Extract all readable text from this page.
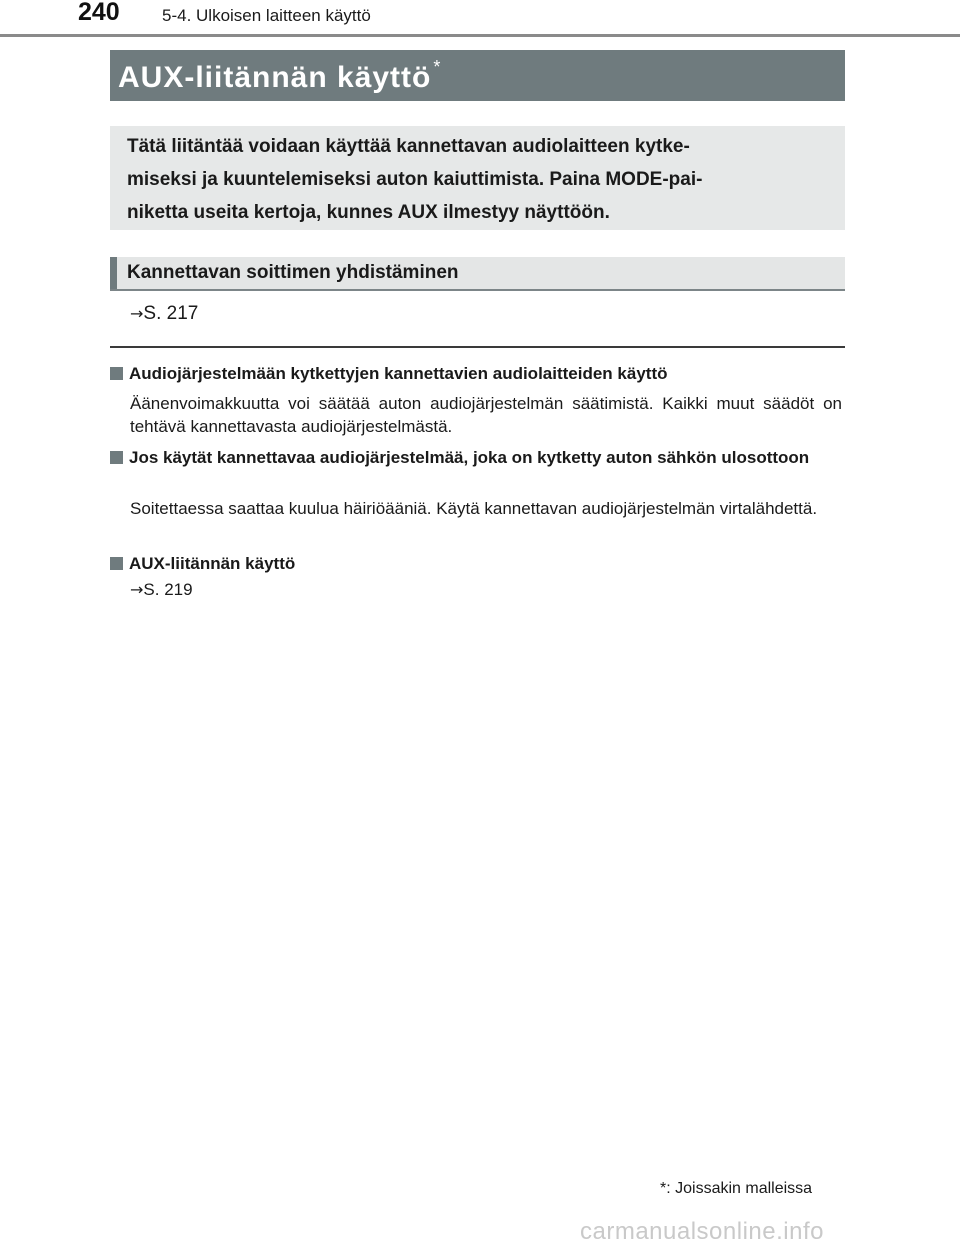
240 5-4. Ulkoisen laitteen käyttö
AUX-liitännän käyttö *
Tätä liitäntää voidaan käyttää kannettavan audiolaitteen kytke-
miseksi ja kuuntelemiseksi auton kaiuttimista. Paina MODE-pai-
niketta useita kertoja, kunnes AUX ilmestyy näyttöön.
Kannettavan soittimen yhdistäminen
→S. 217
Audiojärjestelmään kytkettyjen kannettavien audiolaitteiden käyttö
Äänenvoimakkuutta voi säätää auton audiojärjestelmän säätimistä. Kaikki muut säädöt on tehtävä kannettavasta audiojärjestelmästä.
Jos käytät kannettavaa audiojärjestelmää, joka on kytketty auton sähkön ulosottoon
Soitettaessa saattaa kuulua häiriöääniä. Käytä kannettavan audiojärjestelmän virtalähdettä.
AUX-liitännän käyttö
→S. 219
*: Joissakin malleissa
carmanualsonline.info
